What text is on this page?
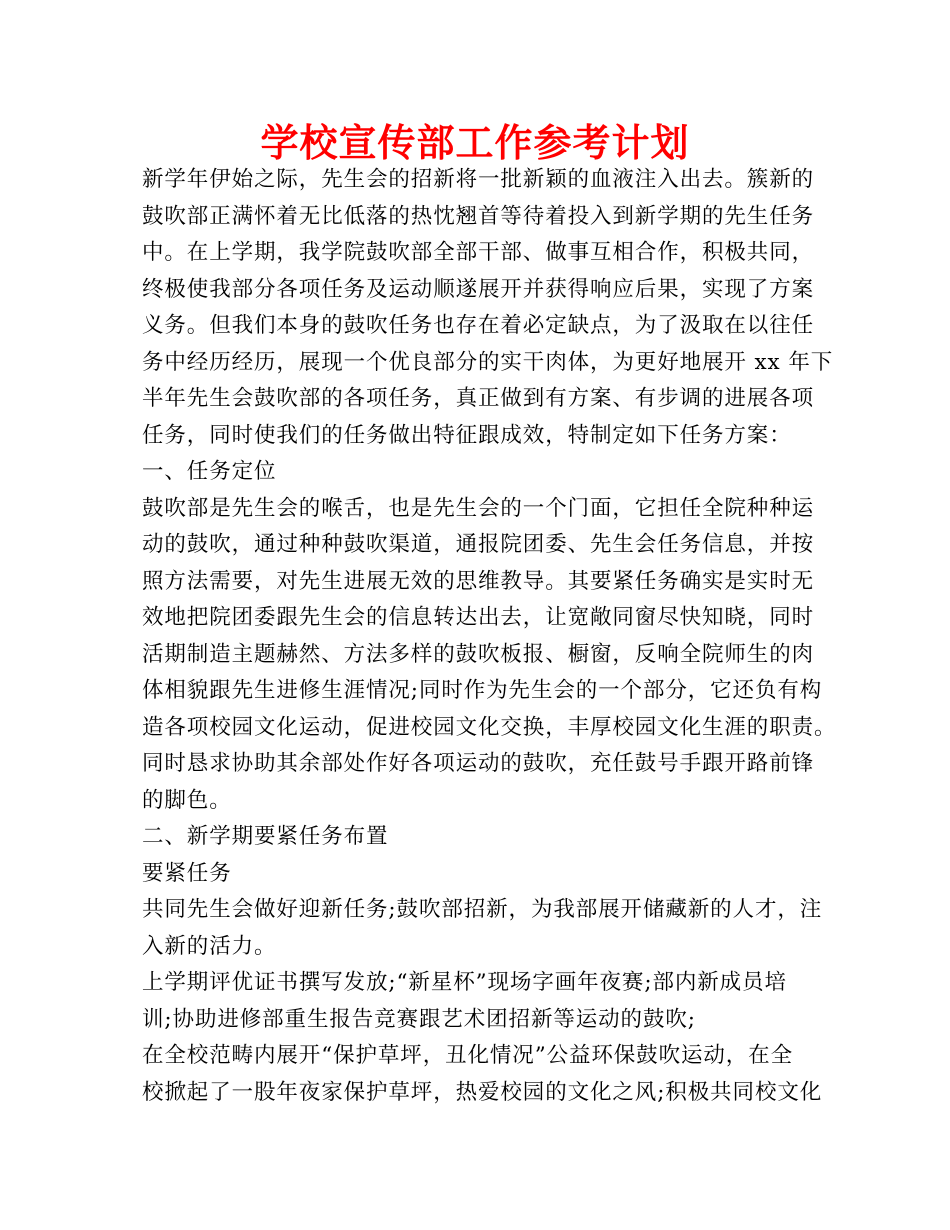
学校宣传部工作参考计划
新学年伊始之际，先生会的招新将一批新颖的血液注入出去。簇新的
鼓吹部正满怀着无比低落的热忱翘首等待着投入到新学期的先生任务
中。在上学期，我学院鼓吹部全部干部、做事互相合作，积极共同，
终极使我部分各项任务及运动顺遂展开并获得响应后果，实现了方案
义务。但我们本身的鼓吹任务也存在着必定缺点，为了汲取在以往任
务中经历经历，展现一个优良部分的实干肉体，为更好地展开 xx 年下
半年先生会鼓吹部的各项任务，真正做到有方案、有步调的进展各项
任务，同时使我们的任务做出特征跟成效，特制定如下任务方案：
一、任务定位
鼓吹部是先生会的喉舌，也是先生会的一个门面，它担任全院种种运
动的鼓吹，通过种种鼓吹渠道，通报院团委、先生会任务信息，并按
照方法需要，对先生进展无效的思维教导。其要紧任务确实是实时无
效地把院团委跟先生会的信息转达出去，让宽敞同窗尽快知晓，同时
活期制造主题赫然、方法多样的鼓吹板报、橱窗，反响全院师生的肉
体相貌跟先生进修生涯情况;同时作为先生会的一个部分，它还负有构
造各项校园文化运动，促进校园文化交换，丰厚校园文化生涯的职责。
同时恳求协助其余部处作好各项运动的鼓吹，充任鼓号手跟开路前锋
的脚色。
二、新学期要紧任务布置
要紧任务
共同先生会做好迎新任务;鼓吹部招新，为我部展开储藏新的人才，注
入新的活力。
上学期评优证书撰写发放;“新星杯”现场字画年夜赛;部内新成员培
训;协助进修部重生报告竞赛跟艺术团招新等运动的鼓吹;
在全校范畴内展开“保护草坪，丑化情况”公益环保鼓吹运动，在全
校掀起了一股年夜家保护草坪，热爱校园的文化之风;积极共同校文化
